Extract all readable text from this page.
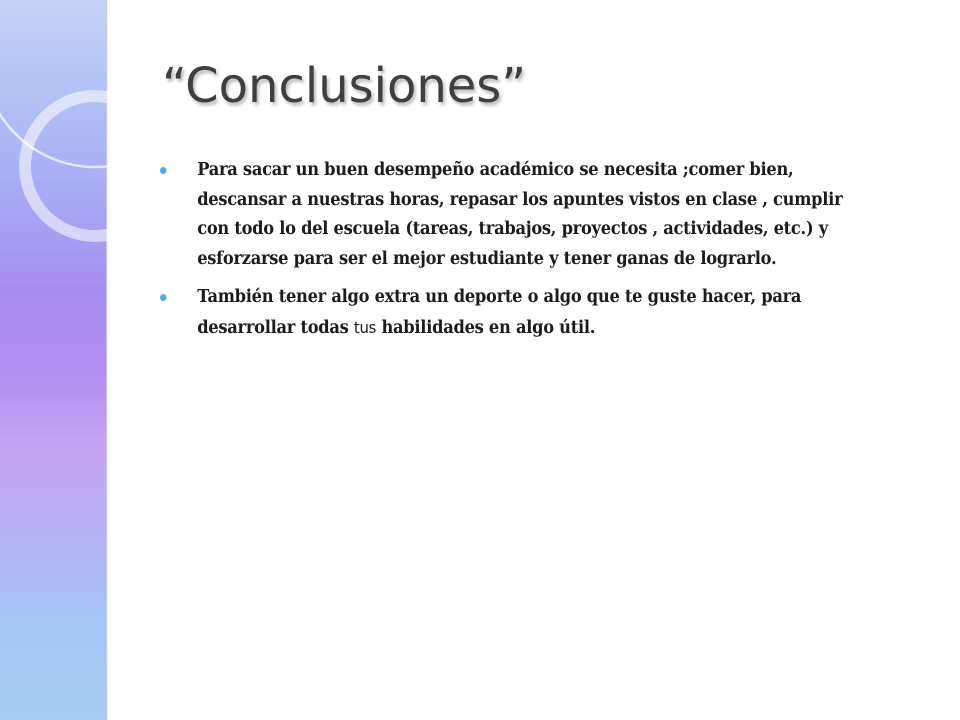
“Conclusiones”
Para sacar un buen desempeño académico se necesita ;comer bien, descansar a nuestras horas, repasar los apuntes vistos en clase , cumplir con todo lo del escuela (tareas, trabajos, proyectos , actividades, etc.) y esforzarse para ser el mejor estudiante y tener ganas de lograrlo.
También tener algo extra un deporte o algo que te guste hacer, para desarrollar todas tus habilidades en algo útil.
